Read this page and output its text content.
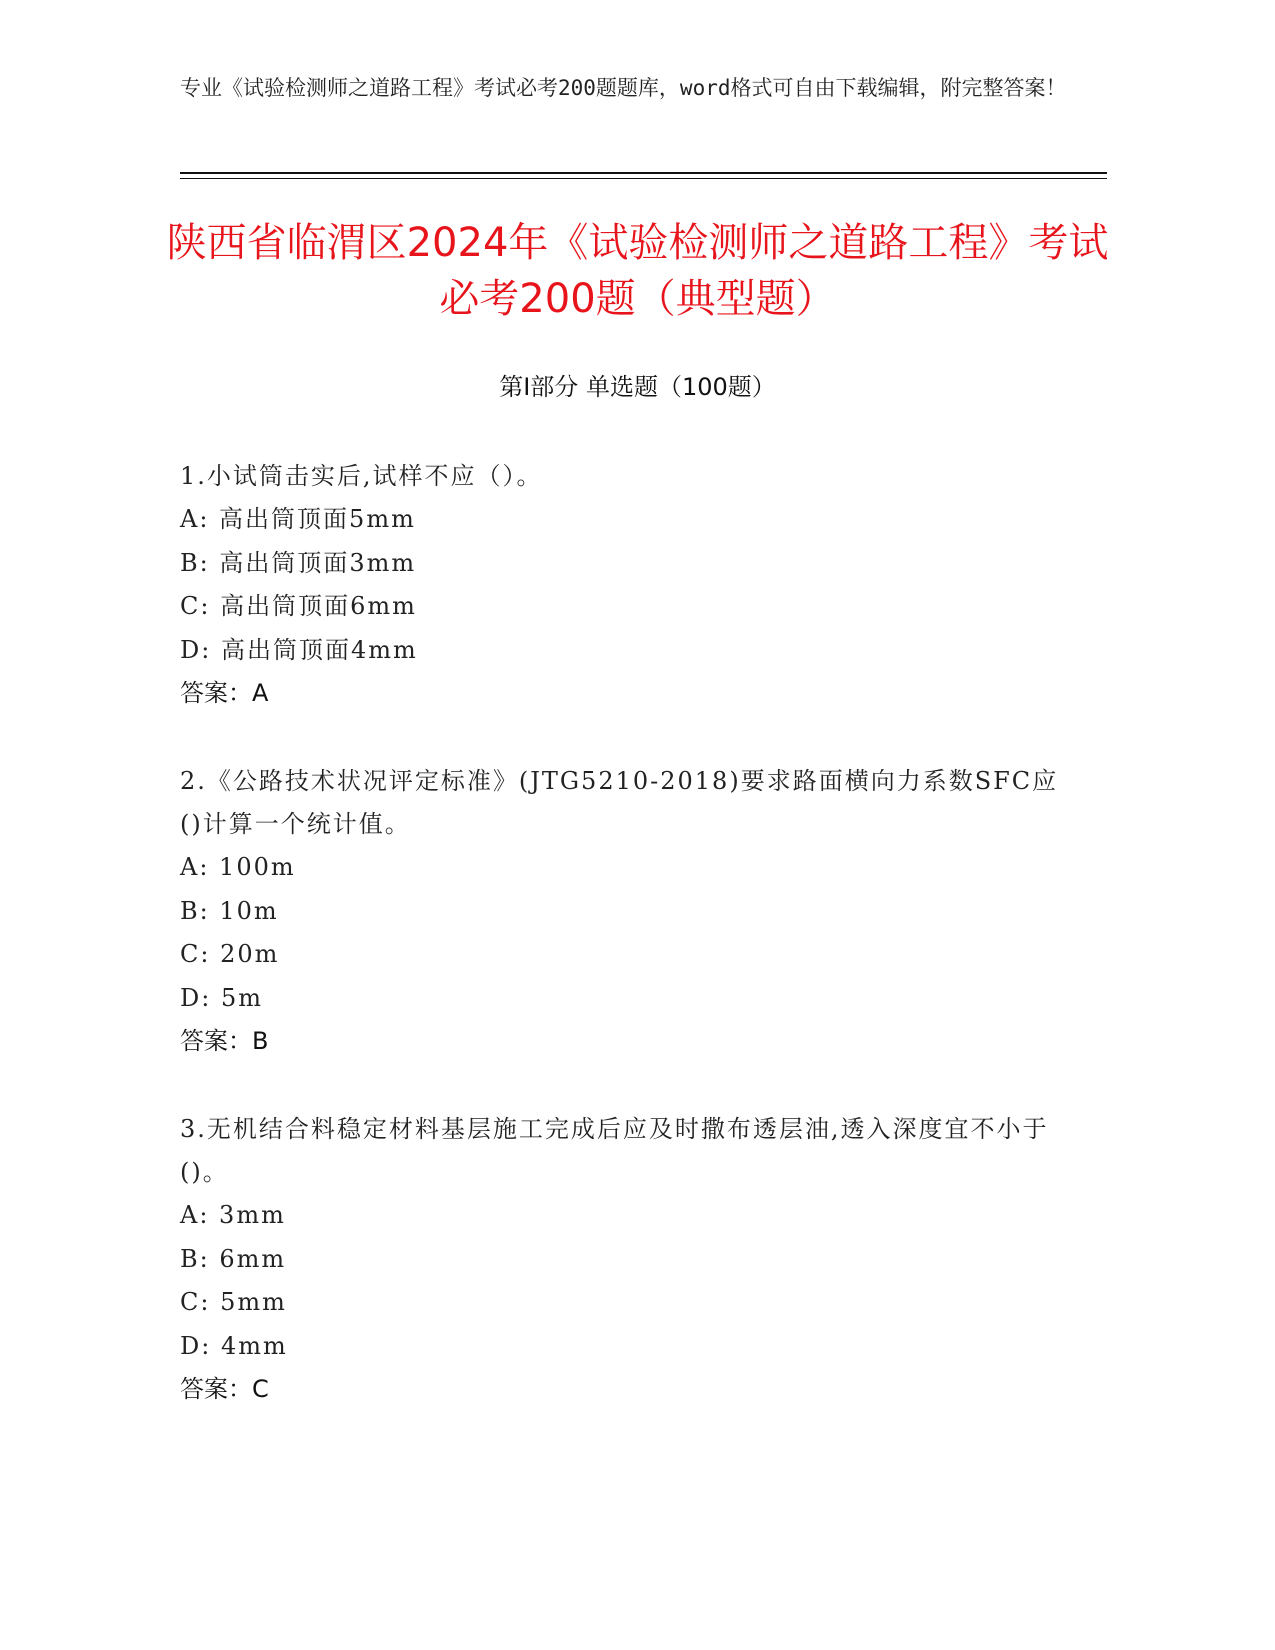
专业《试验检测师之道路工程》考试必考200题题库，word格式可自由下载编辑，附完整答案！
陕西省临渭区2024年《试验检测师之道路工程》考试必考200题（典型题）
第I部分 单选题（100题）
1.小试筒击实后,试样不应（）。
A: 高出筒顶面5mm
B: 高出筒顶面3mm
C: 高出筒顶面6mm
D: 高出筒顶面4mm
答案：A
2.《公路技术状况评定标准》(JTG5210-2018)要求路面横向力系数SFC应()计算一个统计值。
A: 100m
B: 10m
C: 20m
D: 5m
答案：B
3.无机结合料稳定材料基层施工完成后应及时撒布透层油,透入深度宜不小于()。
A: 3mm
B: 6mm
C: 5mm
D: 4mm
答案：C
